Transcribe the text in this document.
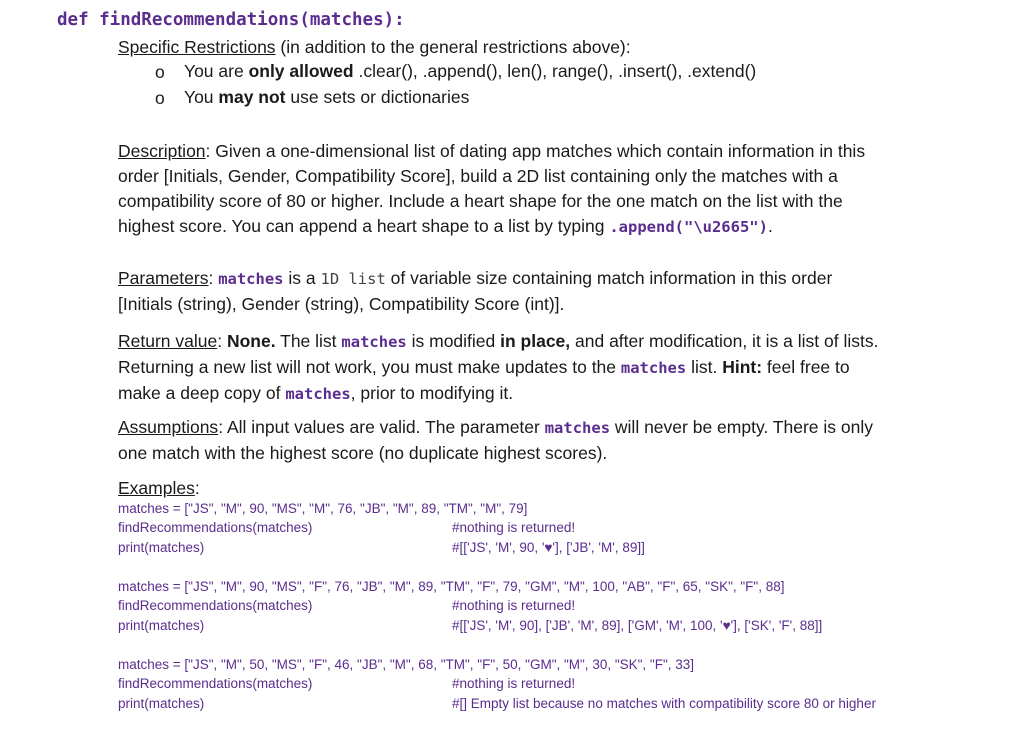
def findRecommendations(matches):
Specific Restrictions (in addition to the general restrictions above):
o You are only allowed .clear(), .append(), len(), range(), .insert(), .extend()
o You may not use sets or dictionaries
Description: Given a one-dimensional list of dating app matches which contain information in this
order [Initials, Gender, Compatibility Score], build a 2D list containing only the matches with a
compatibility score of 80 or higher. Include a heart shape for the one match on the list with the
highest score. You can append a heart shape to a list by typing .append("\u2665").
Parameters: matches is a 1D list of variable size containing match information in this order
[Initials (string), Gender (string), Compatibility Score (int)].
Return value: None. The list matches is modified in place, and after modification, it is a list of lists.
Returning a new list will not work, you must make updates to the matches list. Hint: feel free to
make a deep copy of matches, prior to modifying it.
Assumptions: All input values are valid. The parameter matches will never be empty. There is only
one match with the highest score (no duplicate highest scores).
Examples:
matches = ["JS", "M", 90, "MS", "M", 76, "JB", "M", 89, "TM", "M", 79]
findRecommendations(matches)	#nothing is returned!
print(matches)	#[['JS', 'M', 90, '♥'], ['JB', 'M', 89]]
matches = ["JS", "M", 90, "MS", "F", 76, "JB", "M", 89, "TM", "F", 79, "GM", "M", 100, "AB", "F", 65, "SK", "F", 88]
findRecommendations(matches)	#nothing is returned!
print(matches)	#[['JS', 'M', 90], ['JB', 'M', 89], ['GM', 'M', 100, '♥'], ['SK', 'F', 88]]
matches = ["JS", "M", 50, "MS", "F", 46, "JB", "M", 68, "TM", "F", 50, "GM", "M", 30, "SK", "F", 33]
findRecommendations(matches)	#nothing is returned!
print(matches)	#[] Empty list because no matches with compatibility score 80 or higher
